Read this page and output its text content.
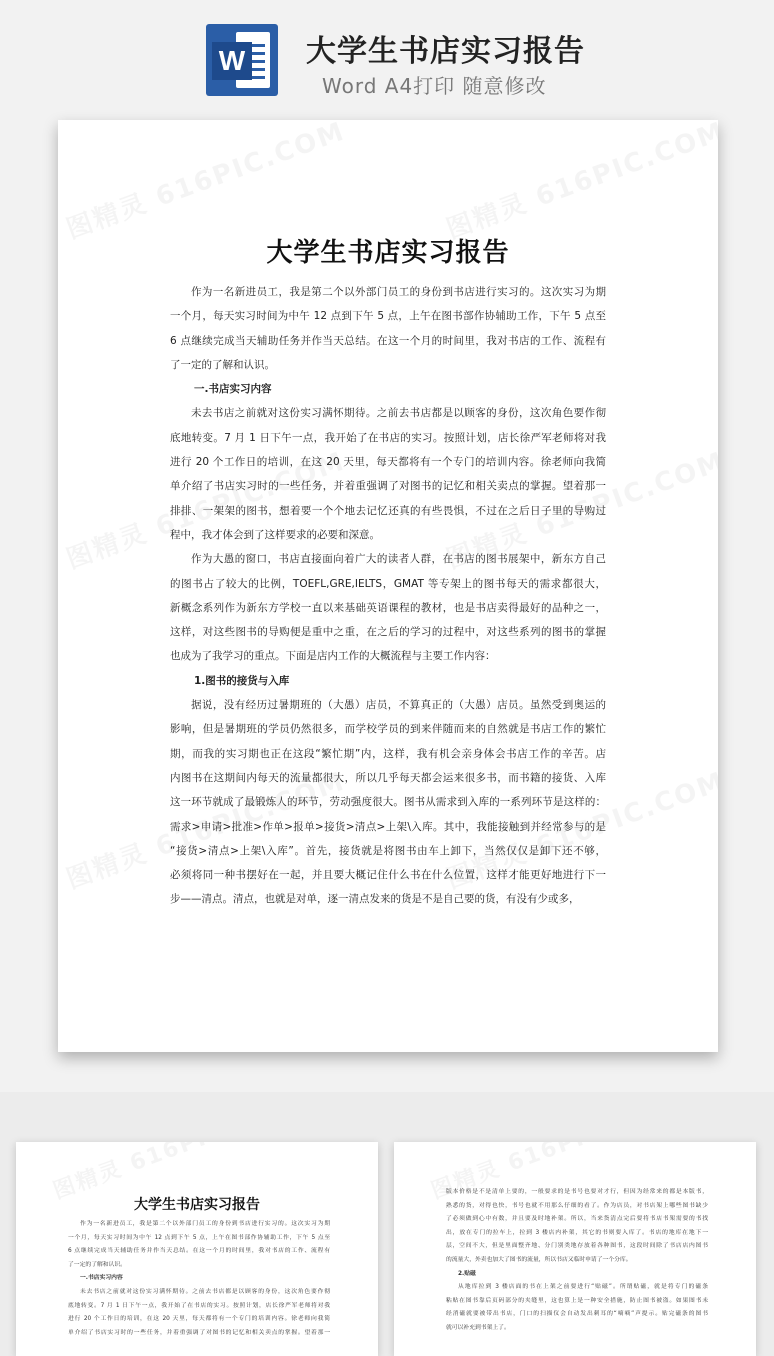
W 大学生书店实习报告
Word A4打印 随意修改
大学生书店实习报告
作为一名新进员工，我是第二个以外部门员工的身份到书店进行实习的。这次实习为期
一个月，每天实习时间为中午 12 点到下午 5 点，上午在图书部作协辅助工作，下午 5 点至
6 点继续完成当天辅助任务并作当天总结。在这一个月的时间里，我对书店的工作、流程有
了一定的了解和认识。
一.书店实习内容
未去书店之前就对这份实习满怀期待。之前去书店都是以顾客的身份，这次角色要作彻
底地转变。7 月 1 日下午一点，我开始了在书店的实习。按照计划，店长徐严军老师将对我
进行 20 个工作日的培训，在这 20 天里，每天都将有一个专门的培训内容。徐老师向我简
单介绍了书店实习时的一些任务，并着重强调了对图书的记忆和相关卖点的掌握。望着那一
排排、一架架的图书，想着要一个个地去记忆还真的有些畏惧，不过在之后日子里的导购过
程中，我才体会到了这样要求的必要和深意。
作为大愚的窗口，书店直接面向着广大的读者人群，在书店的图书展架中，新东方自己
的图书占了较大的比例，TOEFL,GRE,IELTS，GMAT 等专架上的图书每天的需求都很大，
新概念系列作为新东方学校一直以来基础英语课程的教材，也是书店卖得最好的品种之一，
这样，对这些图书的导购便是重中之重，在之后的学习的过程中，对这些系列的图书的掌握
也成为了我学习的重点。下面是店内工作的大概流程与主要工作内容：
1.图书的接货与入库
据说，没有经历过暑期班的（大愚）店员，不算真正的（大愚）店员。虽然受到奥运的
影响，但是暑期班的学员仍然很多，而学校学员的到来伴随而来的自然就是书店工作的繁忙
期，而我的实习期也正在这段“繁忙期”内，这样，我有机会亲身体会书店工作的辛苦。店
内图书在这期间内每天的流量都很大，所以几乎每天都会运来很多书，而书籍的接货、入库
这一环节就成了最锻炼人的环节，劳动强度很大。图书从需求到入库的一系列环节是这样的：
需求>申请>批准>作单>报单>接货>清点>上架\入库。其中，我能接触到并经常参与的是
“接货>清点>上架\入库”。首先，接货就是将图书由车上卸下，当然仅仅是卸下还不够，
必须将同一种书摆好在一起，并且要大概记住什么书在什么位置，这样才能更好地进行下一
步——清点。清点，也就是对单，逐一清点发来的货是不是自己要的货，有没有少或多，
大学生书店实习报告
作为一名新进员工，我是第二个以外部门员工的身份到书店进行实习的。这次实习为期
一个月，每天实习时间为中午 12 点到下午 5 点，上午在图书部作协辅助工作，下午 5 点至
6 点继续完成当天辅助任务并作当天总结。在这一个月的时间里，我对书店的工作、流程有
了一定的了解和认识。
一.书店实习内容
未去书店之前就对这份实习满怀期待。之前去书店都是以顾客的身份，这次角色要作彻
底地转变。7 月 1 日下午一点，我开始了在书店的实习。按照计划，店长徐严军老师将对我
进行 20 个工作日的培训，在这 20 天里，每天都将有一个专门的培训内容。徐老师向我简
单介绍了书店实习时的一些任务，并着重强调了对图书的记忆和相关卖点的掌握。望着那一
版本价格是不是清单上要的，一般要求的是书号也要对才行，但因为经常来的都是本版书，
熟悉的货，对得也快，书号也就不用那么仔细的看了。作为店员，对书店架上哪些图书缺少
了必须做到心中有数，并且要及时地补架。所以，当来货清点完后要将书店书架需要的书找
出，放在专门的拉车上，拉到 3 楼店内补架，其它的书则要入库了。书店的地库在地下一
层，空间不大，但是里面整齐地、分门别类地存放着各种图书，这段时间除了书店店内图书
的流量大，外卖也加大了图书的流量，所以书店又临时申请了一个分库。
2.贴磁
从地库拉到 3 楼店面的书在上架之前要进行“贴磁”。所谓贴磁，就是将专门的磁条
粘贴在图书靠后页码部分的夹缝里，这也算上是一种安全措施，防止图书被盗。如果图书未
经消磁就要被带出书店，门口的扫描仪会自动发出刺耳的“嘀嘀”声提示。贴完磁条的图书
就可以补充到书架上了。
